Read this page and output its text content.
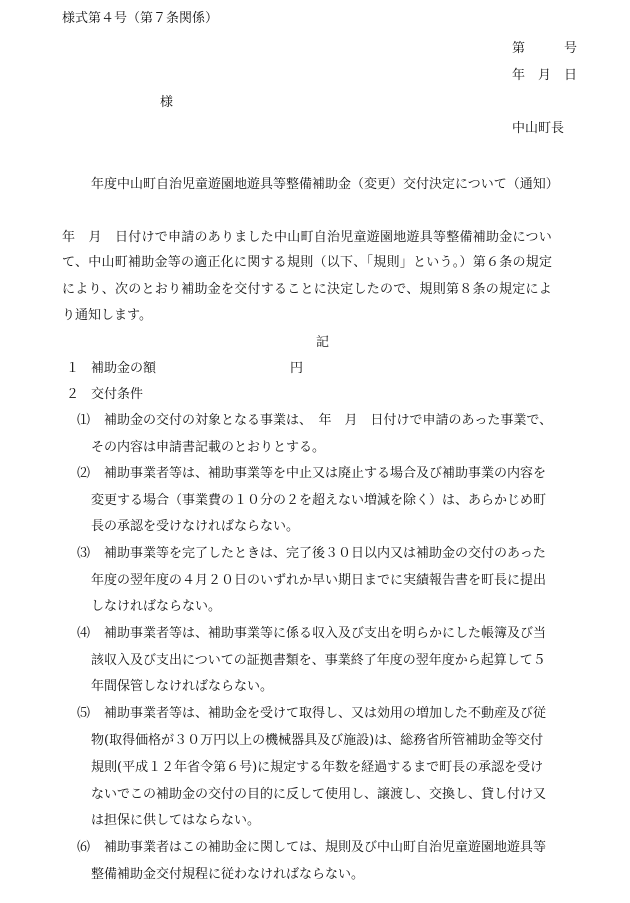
様式第４号（第７条関係）
第　　　号
年　月　日
様
中山町長
年度中山町自治児童遊園地遊具等整備補助金（変更）交付決定について（通知）
年　月　日付けで申請のありました中山町自治児童遊園地遊具等整備補助金につい
て、中山町補助金等の適正化に関する規則（以下、「規則」という。）第６条の規定
により、次のとおり補助金を交付することに決定したので、規則第８条の規定によ
り通知します。
記
１ 補助金の額	円
２ 交付条件
⑴ 補助金の交付の対象となる事業は、　年　月　日付けで申請のあった事業で、
その内容は申請書記載のとおりとする。
⑵ 補助事業者等は、補助事業等を中止又は廃止する場合及び補助事業の内容を
変更する場合（事業費の１０分の２を超えない増減を除く）は、あらかじめ町
長の承認を受けなければならない。
⑶ 補助事業等を完了したときは、完了後３０日以内又は補助金の交付のあった
年度の翌年度の４月２０日のいずれか早い期日までに実績報告書を町長に提出
しなければならない。
⑷ 補助事業者等は、補助事業等に係る収入及び支出を明らかにした帳簿及び当
該収入及び支出についての証拠書類を、事業終了年度の翌年度から起算して５
年間保管しなければならない。
⑸ 補助事業者等は、補助金を受けて取得し、又は効用の増加した不動産及び従
物(取得価格が３０万円以上の機械器具及び施設)は、総務省所管補助金等交付
規則(平成１２年省令第６号)に規定する年数を経過するまで町長の承認を受け
ないでこの補助金の交付の目的に反して使用し、譲渡し、交換し、貸し付け又
は担保に供してはならない。
⑹ 補助事業者はこの補助金に関しては、規則及び中山町自治児童遊園地遊具等
整備補助金交付規程に従わなければならない。
